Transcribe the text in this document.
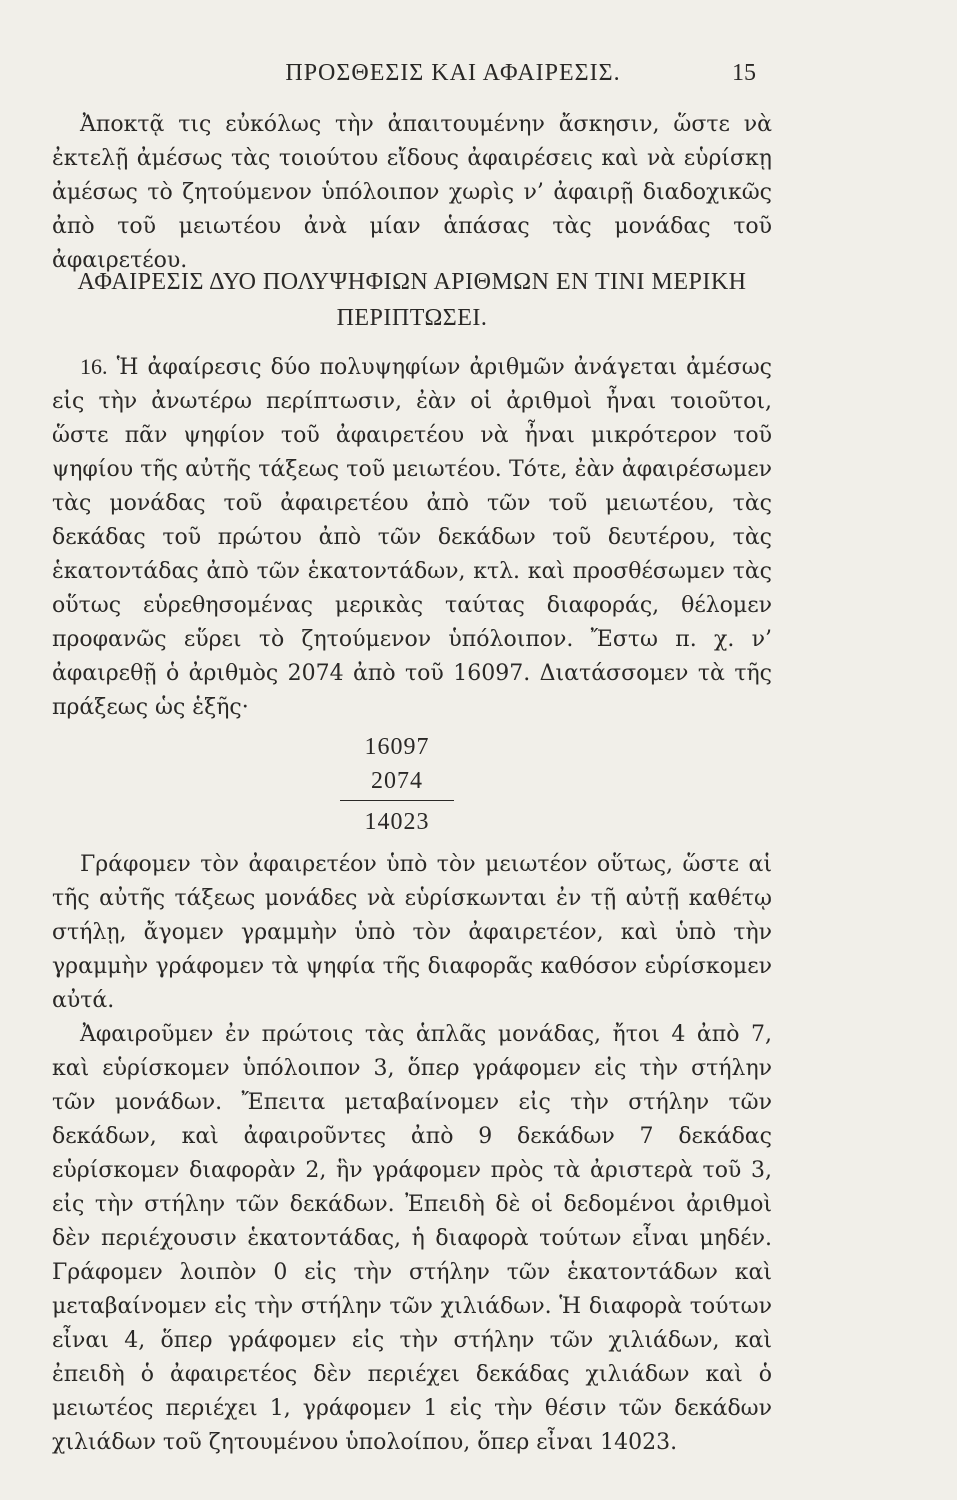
ΠΡΟΣΘΕΣΙΣ ΚΑΙ ΑΦΑΙΡΕΣΙΣ.	15

Ἀποκτᾷ τις εὐκόλως τὴν ἀπαιτουμένην ἄσκησιν, ὥστε νὰ ἐκτελῇ ἀμέσως τὰς τοιούτου εἴδους ἀφαιρέσεις καὶ νὰ εὑρίσκῃ ἀμέσως τὸ ζητούμενον ὑπόλοιπον χωρὶς ν’ ἀφαιρῇ διαδοχικῶς ἀπὸ τοῦ μειωτέου ἀνὰ μίαν ἁπάσας τὰς μονάδας τοῦ ἀφαιρετέου.

ΑΦΑΙΡΕΣΙΣ ΔΥΟ ΠΟΛΥΨΗΦΙΩΝ ΑΡΙΘΜΩΝ ΕΝ ΤΙΝΙ ΜΕΡΙΚΗ
ΠΕΡΙΠΤΩΣΕΙ.

16. Ἡ ἀφαίρεσις δύο πολυψηφίων ἀριθμῶν ἀνάγεται ἀμέσως εἰς τὴν ἀνωτέρω περίπτωσιν, ἐὰν οἱ ἀριθμοὶ ἦναι τοιοῦτοι, ὥστε πᾶν ψηφίον τοῦ ἀφαιρετέου νὰ ἦναι μικρότερον τοῦ ψηφίου τῆς αὐτῆς τάξεως τοῦ μειωτέου. Τότε, ἐὰν ἀφαιρέσωμεν τὰς μονάδας τοῦ ἀφαιρετέου ἀπὸ τῶν τοῦ μειωτέου, τὰς δεκάδας τοῦ πρώτου ἀπὸ τῶν δεκάδων τοῦ δευτέρου, τὰς ἑκατοντάδας ἀπὸ τῶν ἑκατοντάδων, κτλ. καὶ προσθέσωμεν τὰς οὕτως εὑρεθησομένας μερικὰς ταύτας διαφοράς, θέλομεν προφανῶς εὕρει τὸ ζητούμενον ὑπόλοιπον. Ἔστω π. χ. ν’ ἀφαιρεθῇ ὁ ἀριθμὸς 2074 ἀπὸ τοῦ 16097. Διατάσσομεν τὰ τῆς πράξεως ὡς ἑξῆς·

16097
2074
14023

Γράφομεν τὸν ἀφαιρετέον ὑπὸ τὸν μειωτέον οὕτως, ὥστε αἱ τῆς αὐτῆς τάξεως μονάδες νὰ εὑρίσκωνται ἐν τῇ αὐτῇ καθέτῳ στήλῃ, ἄγομεν γραμμὴν ὑπὸ τὸν ἀφαιρετέον, καὶ ὑπὸ τὴν γραμμὴν γράφομεν τὰ ψηφία τῆς διαφορᾶς καθόσον εὑρίσκομεν αὐτά.

Ἀφαιροῦμεν ἐν πρώτοις τὰς ἁπλᾶς μονάδας, ἤτοι 4 ἀπὸ 7, καὶ εὑρίσκομεν ὑπόλοιπον 3, ὅπερ γράφομεν εἰς τὴν στήλην τῶν μονάδων. Ἔπειτα μεταβαίνομεν εἰς τὴν στήλην τῶν δεκάδων, καὶ ἀφαιροῦντες ἀπὸ 9 δεκάδων 7 δεκάδας εὑρίσκομεν διαφορὰν 2, ἣν γράφομεν πρὸς τὰ ἀριστερὰ τοῦ 3, εἰς τὴν στήλην τῶν δεκάδων. Ἐπειδὴ δὲ οἱ δεδομένοι ἀριθμοὶ δὲν περιέχουσιν ἑκατοντάδας, ἡ διαφορὰ τούτων εἶναι μηδέν. Γράφομεν λοιπὸν 0 εἰς τὴν στήλην τῶν ἑκατοντάδων καὶ μεταβαίνομεν εἰς τὴν στήλην τῶν χιλιάδων. Ἡ διαφορὰ τούτων εἶναι 4, ὅπερ γράφομεν εἰς τὴν στήλην τῶν χιλιάδων, καὶ ἐπειδὴ ὁ ἀφαιρετέος δὲν περιέχει δεκάδας χιλιάδων καὶ ὁ μειωτέος περιέχει 1, γράφομεν 1 εἰς τὴν θέσιν τῶν δεκάδων χιλιάδων τοῦ ζητουμένου ὑπολοίπου, ὅπερ εἶναι 14023.
